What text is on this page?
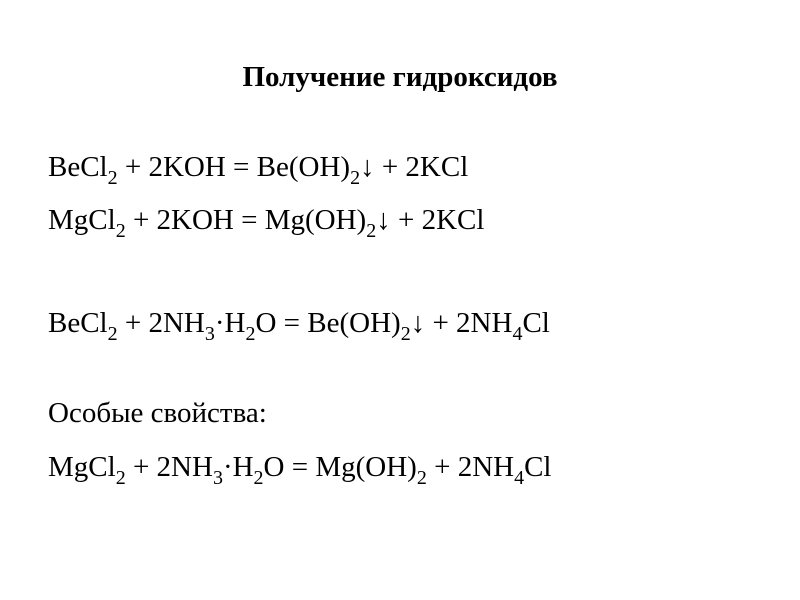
Получение гидроксидов
BeCl$_2$ + $2KOH = Be(OH)_2↓ + 2KCl$
MgCl$_2$ + $2KOH = Mg(OH)_2↓ + 2KCl$
BeCl$_2$ + $2NH_3\cdot H_2O$ = $Be(OH)_2↓ + 2NH_4Cl$
Особые свойства:
MgCl$_2$ + $2NH_3\cdot H_2O = Mg(OH)_2 + 2NH_4Cl$
